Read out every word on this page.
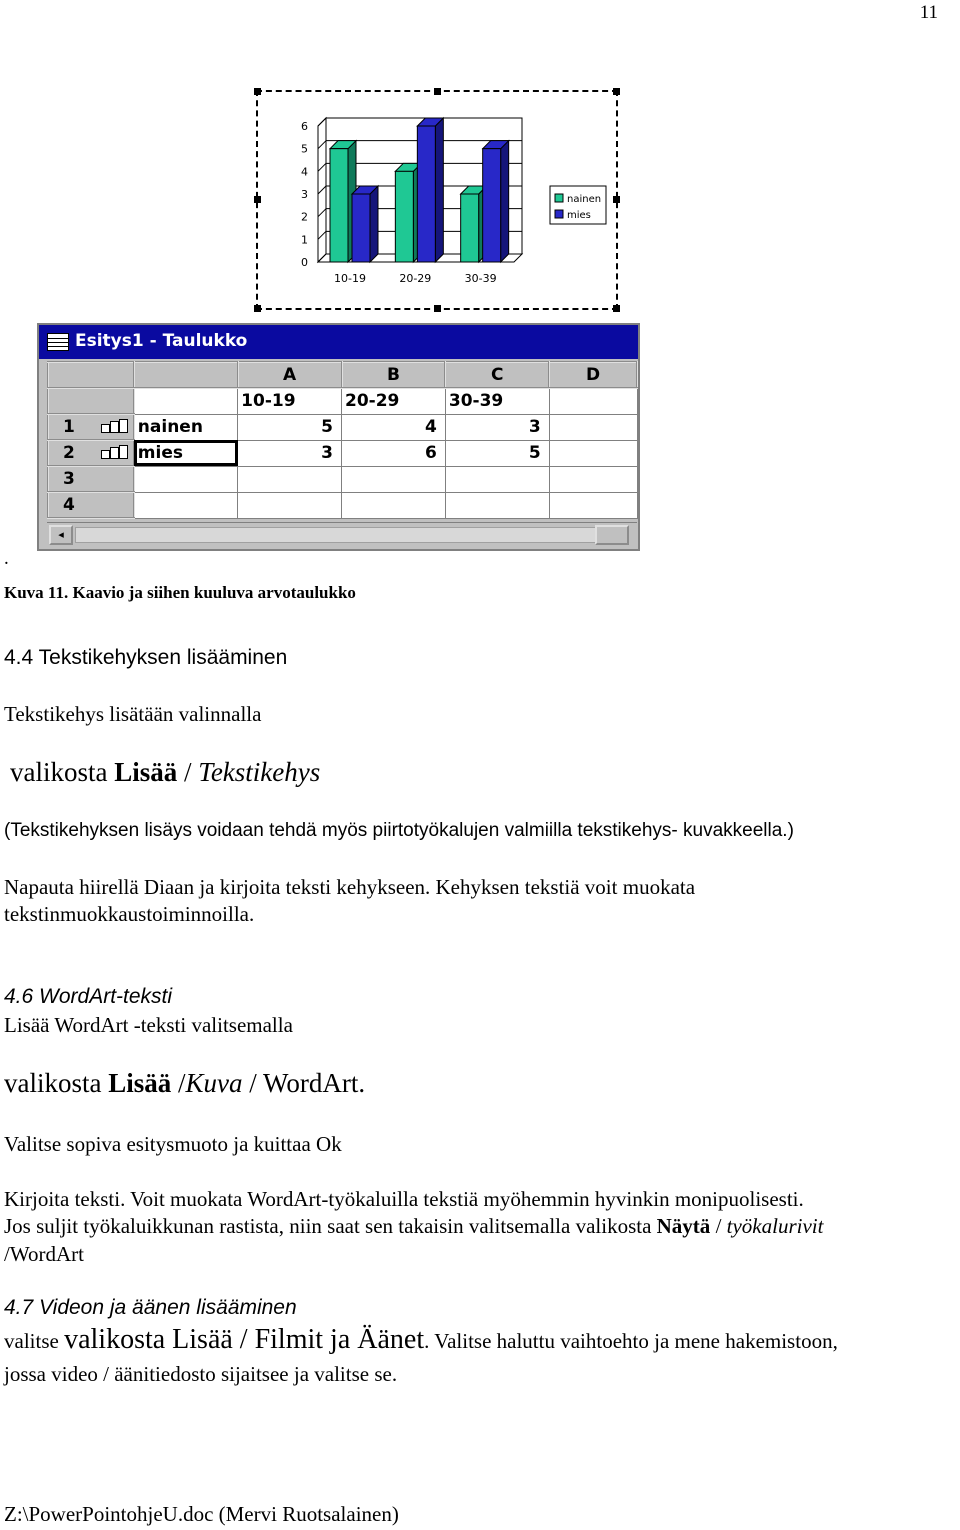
11
0
1
2
3
4
5
6
10-19	20-29	30-39
nainen
mies
Esitys1 - Taulukko
		A	B	C	D
		10-19	20-29	30-39	
1	nainen	5	4	3	
2	mies	3	6	5	
3					
4					
◂
.
Kuva 11. Kaavio ja siihen kuuluva arvotaulukko
4.4 Tekstikehyksen lisääminen
Tekstikehys lisätään valinnalla
valikosta Lisää / Tekstikehys
(Tekstikehyksen lisäys voidaan tehdä myös piirtotyökalujen valmiilla tekstikehys- kuvakkeella.)
Napauta hiirellä Diaan ja kirjoita teksti kehykseen. Kehyksen tekstiä voit muokata
tekstinmuokkaustoiminnoilla.
4.6 WordArt-teksti
Lisää WordArt -teksti valitsemalla
valikosta Lisää /Kuva / WordArt.
Valitse sopiva esitysmuoto ja kuittaa Ok
Kirjoita teksti. Voit muokata WordArt-työkaluilla tekstiä myöhemmin hyvinkin monipuolisesti.
Jos suljit työkaluikkunan rastista, niin saat sen takaisin valitsemalla valikosta Näytä / työkalurivit
/WordArt
4.7 Videon ja äänen lisääminen
valitse valikosta Lisää / Filmit ja Äänet. Valitse haluttu vaihtoehto ja mene hakemistoon,
jossa video / äänitiedosto sijaitsee ja valitse se.
Z:\PowerPointohjeU.doc (Mervi Ruotsalainen)
